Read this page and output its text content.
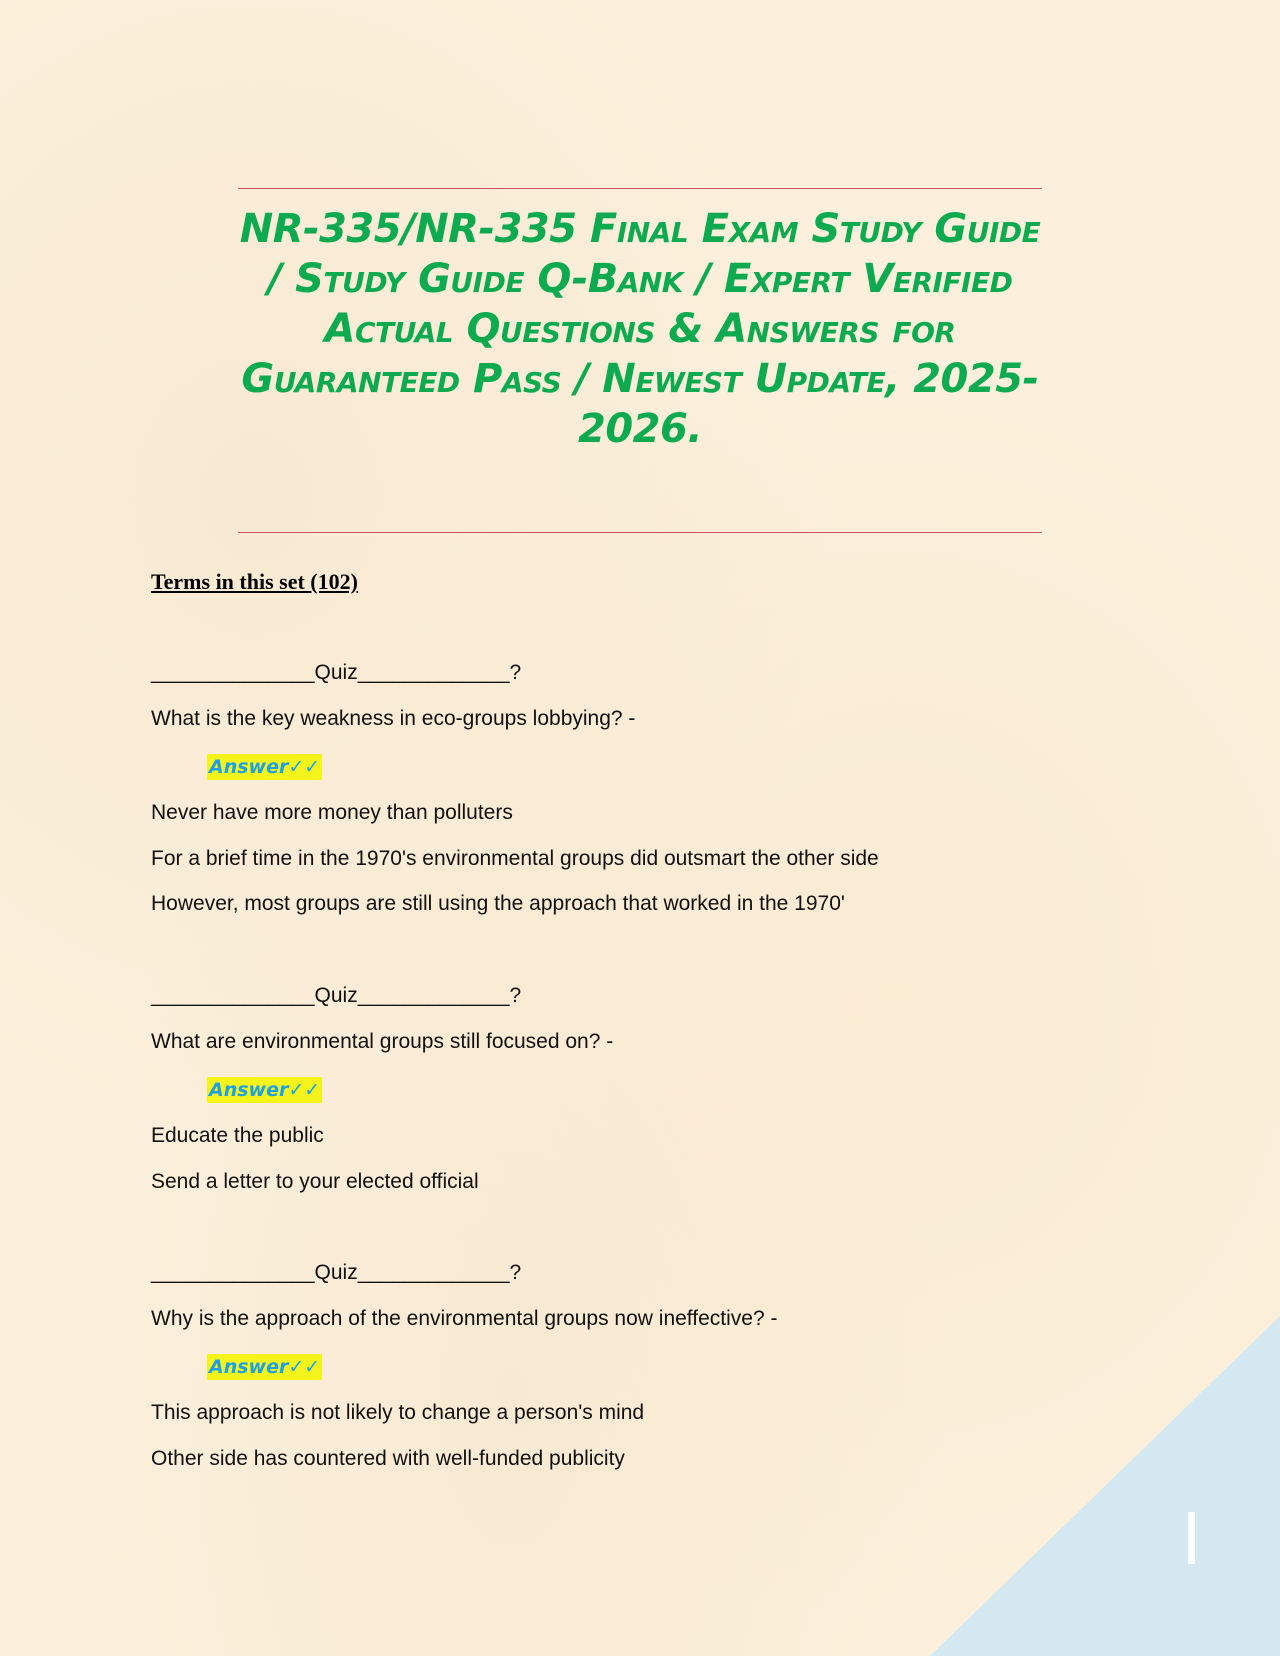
NR-335/NR-335 Final Exam Study Guide / Study Guide Q-Bank / Expert Verified Actual Questions & Answers for Guaranteed Pass / Newest Update, 2025-2026.
Terms in this set (102)
______________Quiz_____________?
What is the key weakness in eco-groups lobbying? -
Answer✓✓
Never have more money than polluters
For a brief time in the 1970's environmental groups did outsmart the other side
However, most groups are still using the approach that worked in the 1970'
______________Quiz_____________?
What are environmental groups still focused on? -
Answer✓✓
Educate the public
Send a letter to your elected official
______________Quiz_____________?
Why is the approach of the environmental groups now ineffective? -
Answer✓✓
This approach is not likely to change a person's mind
Other side has countered with well-funded publicity
